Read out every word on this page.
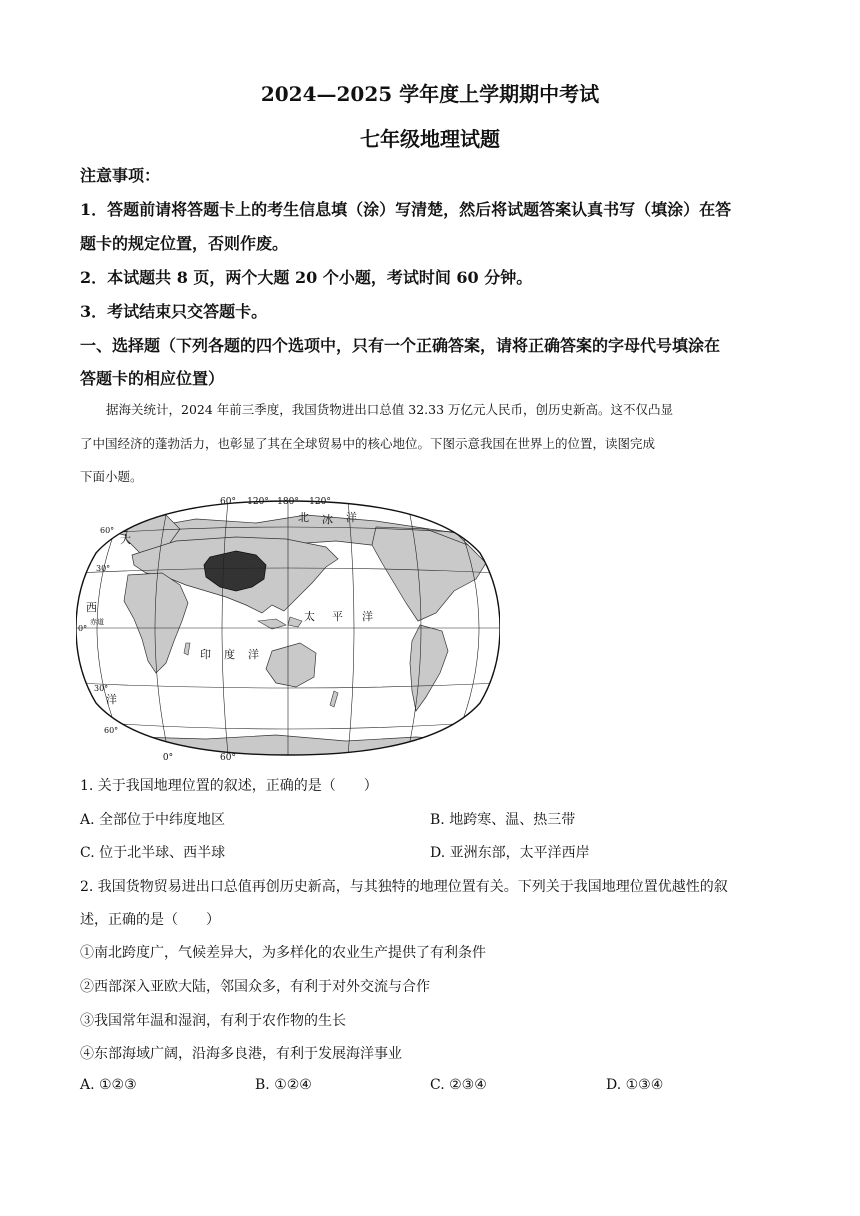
2024—2025 学年度上学期期中考试
七年级地理试题
注意事项：
1．答题前请将答题卡上的考生信息填（涂）写清楚，然后将试题答案认真书写（填涂）在答
题卡的规定位置，否则作废。
2．本试题共 8 页，两个大题 20 个小题，考试时间 60 分钟。
3．考试结束只交答题卡。
一、选择题（下列各题的四个选项中，只有一个正确答案，请将正确答案的字母代号填涂在
答题卡的相应位置）
据海关统计，2024 年前三季度，我国货物进出口总值 32.33 万亿元人民币，创历史新高。这不仅凸显
了中国经济的蓬勃活力，也彰显了其在全球贸易中的核心地位。下图示意我国在世界上的位置，读图完成
下面小题。
60° 120° 180° 120°
60°
0°
60°
30°
0°
赤道
30°
60°
北 冰 洋
太 平 洋
印 度 洋
大
西
洋
1. 关于我国地理位置的叙述，正确的是（　　）
A. 全部位于中纬度地区	B. 地跨寒、温、热三带
C. 位于北半球、西半球	D. 亚洲东部，太平洋西岸
2. 我国货物贸易进出口总值再创历史新高，与其独特的地理位置有关。下列关于我国地理位置优越性的叙
述，正确的是（　　）
①南北跨度广，气候差异大，为多样化的农业生产提供了有利条件
②西部深入亚欧大陆，邻国众多，有利于对外交流与合作
③我国常年温和湿润，有利于农作物的生长
④东部海域广阔，沿海多良港，有利于发展海洋事业
A. ①②③	B. ①②④	C. ②③④	D. ①③④
